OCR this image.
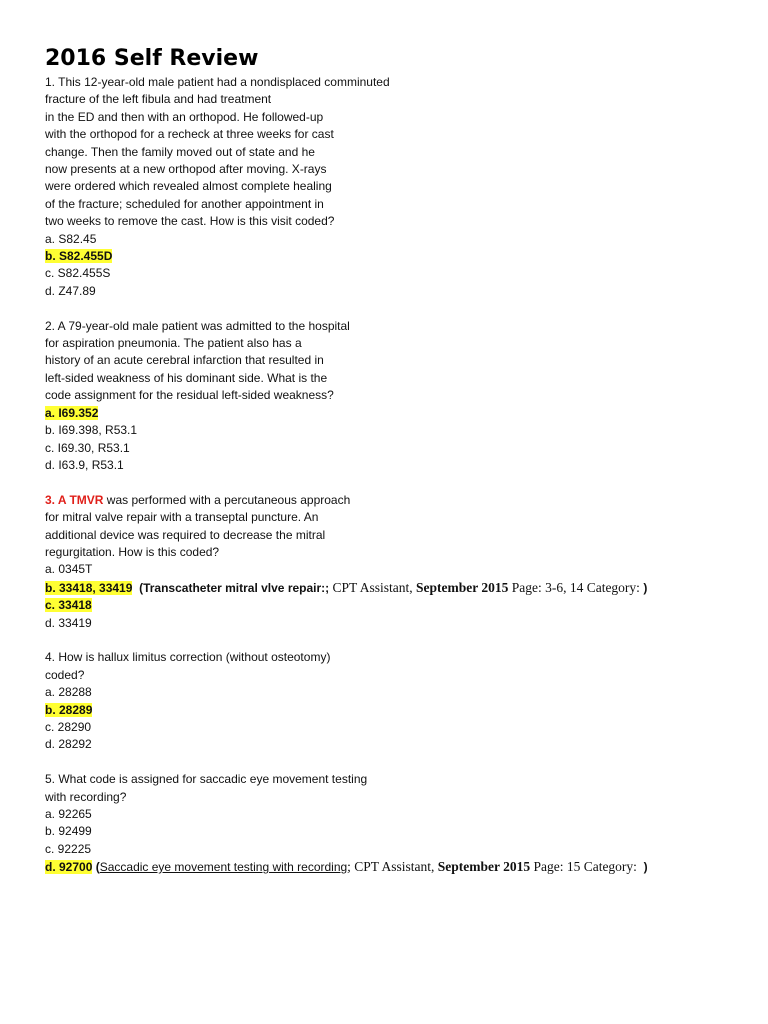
2016 Self Review
1. This 12-year-old male patient had a nondisplaced comminuted
fracture of the left fibula and had treatment
in the ED and then with an orthopod. He followed-up
with the orthopod for a recheck at three weeks for cast
change. Then the family moved out of state and he
now presents at a new orthopod after moving. X-rays
were ordered which revealed almost complete healing
of the fracture; scheduled for another appointment in
two weeks to remove the cast. How is this visit coded?
a. S82.45
b. S82.455D
c. S82.455S
d. Z47.89
2. A 79-year-old male patient was admitted to the hospital
for aspiration pneumonia. The patient also has a
history of an acute cerebral infarction that resulted in
left-sided weakness of his dominant side. What is the
code assignment for the residual left-sided weakness?
a. I69.352
b. I69.398, R53.1
c. I69.30, R53.1
d. I63.9, R53.1
3. A TMVR was performed with a percutaneous approach
for mitral valve repair with a transeptal puncture. An
additional device was required to decrease the mitral
regurgitation. How is this coded?
a. 0345T
b. 33418, 33419  (Transcatheter mitral vlve repair:; CPT Assistant, September 2015 Page: 3-6, 14 Category: )
c. 33418
d. 33419
4. How is hallux limitus correction (without osteotomy)
coded?
a. 28288
b. 28289
c. 28290
d. 28292
5. What code is assigned for saccadic eye movement testing
with recording?
a. 92265
b. 92499
c. 92225
d. 92700 (Saccadic eye movement testing with recording; CPT Assistant, September 2015 Page: 15 Category:  )
